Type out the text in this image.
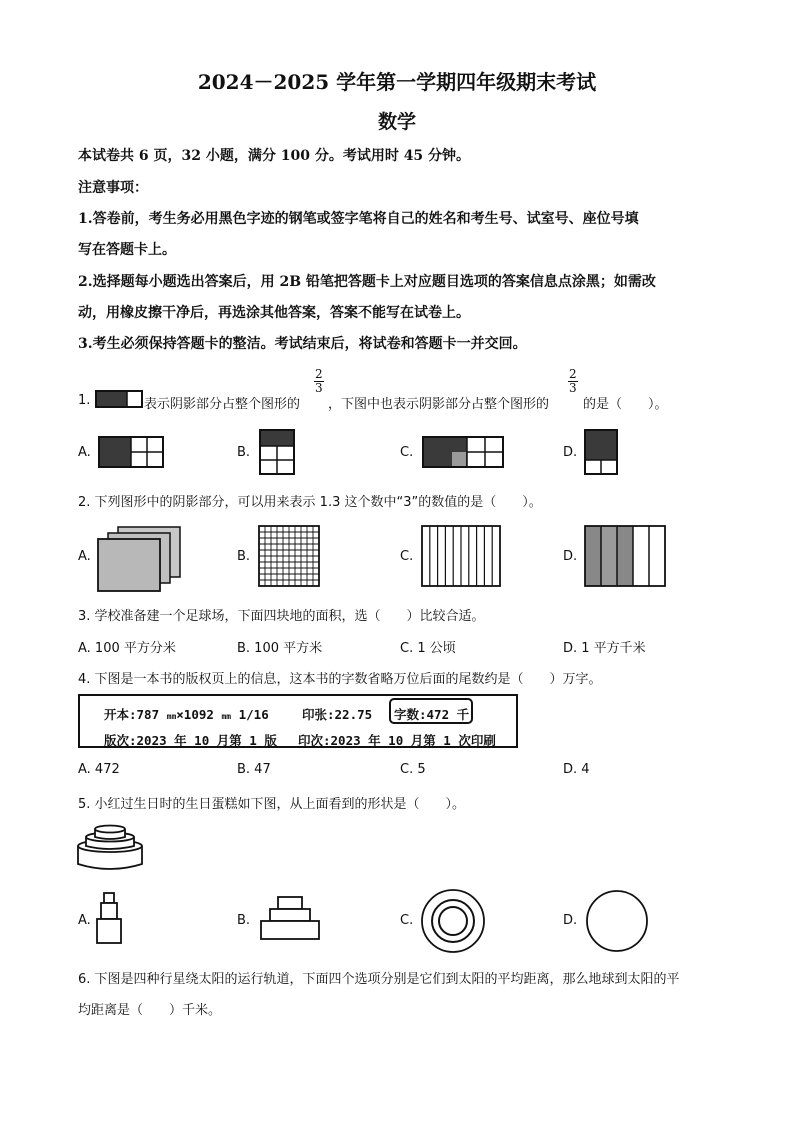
2024－2025 学年第一学期四年级期末考试
数学
本试卷共 6 页，32 小题，满分 100 分。考试用时 45 分钟。
注意事项：
1.答卷前，考生务必用黑色字迹的钢笔或签字笔将自己的姓名和考生号、试室号、座位号填
写在答题卡上。
2.选择题每小题选出答案后，用 2B 铅笔把答题卡上对应题目选项的答案信息点涂黑；如需改
动，用橡皮擦干净后，再选涂其他答案，答案不能写在试卷上。
3.考生必须保持答题卡的整洁。考试结束后，将试卷和答题卡一并交回。
1.	表示阴影部分占整个图形的
$\frac{2}{3}$
，下图中也表示阴影部分占整个图形的
$\frac{2}{3}$
的是（　　）。
A.	B.	C.	D.
2. 下列图形中的阴影部分，可以用来表示 1.3 这个数中“3”的数值的是（　　）。
A.	B.	C.	D.
3. 学校准备建一个足球场，下面四块地的面积，选（　　）比较合适。
A. 100 平方分米	B. 100 平方米	C. 1 公顷	D. 1 平方千米
4. 下图是一本书的版权页上的信息，这本书的字数省略万位后面的尾数约是（　　）万字。
开本:787 mm×1092 mm 1/16	印张:22.75 字数:472 千
版次:2023 年 10 月第 1 版 印次:2023 年 10 月第 1 次印刷
A. 472	B. 47	C. 5	D. 4
5. 小红过生日时的生日蛋糕如下图，从上面看到的形状是（　　）。
A.	B.	C.	D.
6. 下图是四种行星绕太阳的运行轨道，下面四个选项分别是它们到太阳的平均距离，那么地球到太阳的平
均距离是（　　）千米。
